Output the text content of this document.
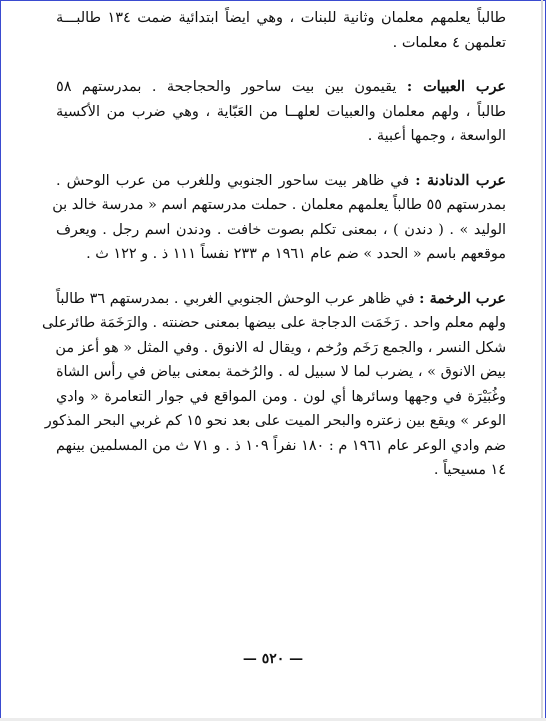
طالباً يعلمهم معلمان وثانية للبنات ، وهي ايضاً ابتدائية ضمت ١٣٤ طالبـــة
تعلمهن ٤ معلمات .

عرب العبيات : يقيمون بين بيت ساحور والحجاجحة . بمدرستهم ٥٨
طالباً ، ولهم معلمان والعبيات لعلهــا من العَبّاية ، وهي ضرب من الأكسية
الواسعة ، وجمها أعبية .

عرب الدنادنة : في ظاهر بيت ساحور الجنوبي وللغرب من عرب الوحش .
بمدرستهم ٥٥ طالباً يعلمهم معلمان . حملت مدرستهم اسم « مدرسة خالد بن
الوليد » . ( دندن ) ، بمعنى تكلم بصوت خافت . ودندن اسم رجل . ويعرف
موقعهم باسم « الحدد » ضم عام ١٩٦١ م ٢٣٣ نفساً ١١١ ذ . و ١٢٢ ث .

عرب الرخمة : في ظاهر عرب الوحش الجنوبي الغربي . بمدرستهم ٣٦ طالباً
ولهم معلم واحد . رَخَمَت الدجاجة على بيضها بمعنى حضنته . والرَخَمَة طائرعلى
شكل النسر ، والجمع رَخَم ورُخم ، ويقال له الانوق . وفي المثل « هو أعز من
بيض الانوق » ، يضرب لما لا سبيل له . والرُخمة بمعنى بياض في رأس الشاة
وغُبَيْرَة في وجهها وسائرها أي لون . ومن المواقع في جوار التعامرة « وادي
الوعر » ويقع بين زعتره والبحر الميت على بعد نحو ١٥ كم غربي البحر المذكور
ضم وادي الوعر عام ١٩٦١ م : ١٨٠ نفراً ١٠٩ ذ . و ٧١ ث من المسلمين بينهم
١٤ مسيحياً .

— ٥٢٠ —
